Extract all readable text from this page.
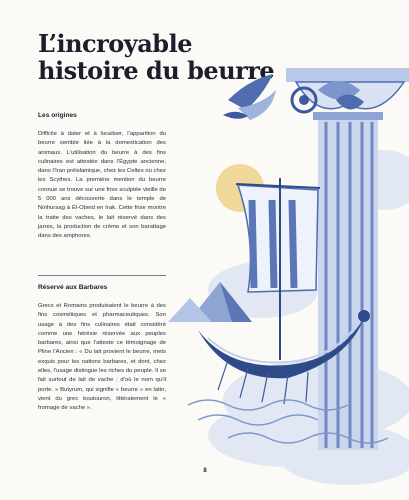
L’incroyable
histoire du beurre
Les origines

Difficile à dater et à localiser, l’apparition du beurre semble liée à la domestication des animaux. L’utilisation du beurre à des fins culinaires est attestée dans l’Égypte ancienne, dans l’Iran préislamique, chez les Celtes ou chez les Scythes. La première mention du beurre connue se trouve sur une frise sculptée vieille de 5 000 ans découverte dans le temple de Ninhursag à Él-Obeid en Irak. Cette frise montre la traite des vaches, le lait réservé dans des jarres, la production de crème et son barattage dans des amphores.

Réservé aux Barbares

Grecs et Romains produisaient le beurre à des fins cosmétiques et pharmaceutiques. Son usage à des fins culinaires était considéré comme une hérésie réservée aux peuples barbares, ainsi que l’atteste ce témoignage de Pline l’Ancien : « Du lait provient le beurre, mets exquis pour les nations barbares, et dont, chez elles, l’usage distingue les riches du peuple. Il se fait surtout de lait de vache ; d’où le nom qu’il porte. » Butyrum, qui signifie « beurre » en latin, vient du grec boutouron, littéralement le « fromage de vache ».

8
